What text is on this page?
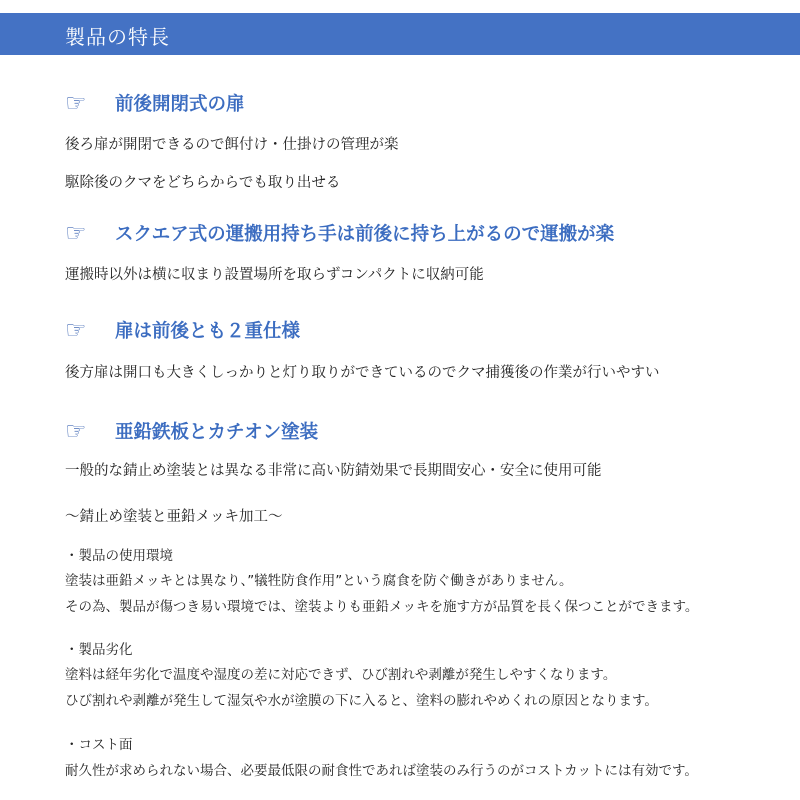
製品の特長
☞	前後開閉式の扉
後ろ扉が開閉できるので餌付け・仕掛けの管理が楽
駆除後のクマをどちらからでも取り出せる
☞	スクエア式の運搬用持ち手は前後に持ち上がるので運搬が楽
運搬時以外は横に収まり設置場所を取らずコンパクトに収納可能
☞	扉は前後とも２重仕様
後方扉は開口も大きくしっかりと灯り取りができているのでクマ捕獲後の作業が行いやすい
☞	亜鉛鉄板とカチオン塗装
一般的な錆止め塗装とは異なる非常に高い防錆効果で長期間安心・安全に使用可能
～錆止め塗装と亜鉛メッキ加工～
・製品の使用環境
塗装は亜鉛メッキとは異なり、”犠牲防食作用”という腐食を防ぐ働きがありません。
その為、製品が傷つき易い環境では、塗装よりも亜鉛メッキを施す方が品質を長く保つことができます。
・製品劣化
塗料は経年劣化で温度や湿度の差に対応できず、ひび割れや剥離が発生しやすくなります。
ひび割れや剥離が発生して湿気や水が塗膜の下に入ると、塗料の膨れやめくれの原因となります。
・コスト面
耐久性が求められない場合、必要最低限の耐食性であれば塗装のみ行うのがコストカットには有効です。
